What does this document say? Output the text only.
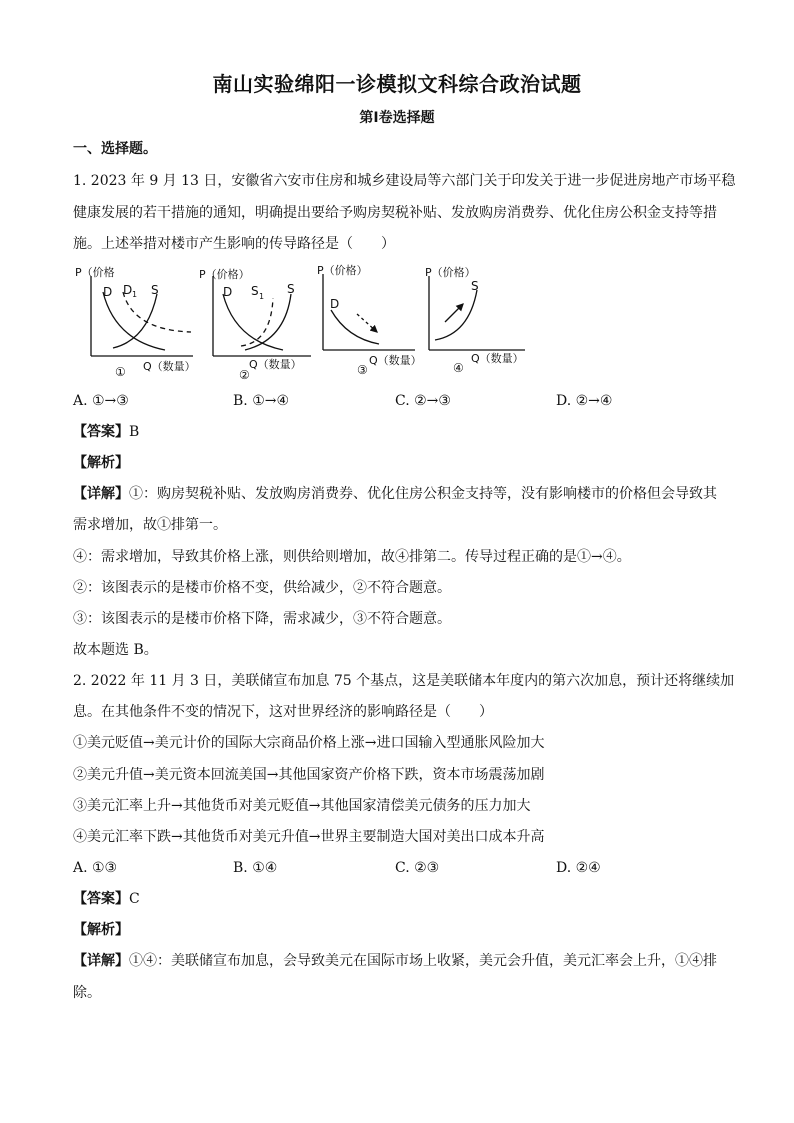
南山实验绵阳一诊模拟文科综合政治试题
第Ⅰ卷选择题
一、选择题。
1. 2023 年 9 月 13 日，安徽省六安市住房和城乡建设局等六部门关于印发关于进一步促进房地产市场平稳
健康发展的若干措施的通知，明确提出要给予购房契税补贴、发放购房消费券、优化住房公积金支持等措
施。上述举措对楼市产生影响的传导路径是（　　）
P（价格
Q（数量）
D D 1 S
①
P（价格）
Q（数量）
D S 1
S
②
P（价格）
Q（数量）
D
③
P（价格）
Q（数量）
S
④
A. ①→③	B. ①→④	C. ②→③	D. ②→④
【答案】B
【解析】
【详解】①：购房契税补贴、发放购房消费券、优化住房公积金支持等，没有影响楼市的价格但会导致其
需求增加，故①排第一。
④：需求增加，导致其价格上涨，则供给则增加，故④排第二。传导过程正确的是①→④。
②：该图表示的是楼市价格不变，供给减少，②不符合题意。
③：该图表示的是楼市价格下降，需求减少，③不符合题意。
故本题选 B。
2. 2022 年 11 月 3 日，美联储宣布加息 75 个基点，这是美联储本年度内的第六次加息，预计还将继续加
息。在其他条件不变的情况下，这对世界经济的影响路径是（　　）
①美元贬值→美元计价的国际大宗商品价格上涨→进口国输入型通胀风险加大
②美元升值→美元资本回流美国→其他国家资产价格下跌，资本市场震荡加剧
③美元汇率上升→其他货币对美元贬值→其他国家清偿美元债务的压力加大
④美元汇率下跌→其他货币对美元升值→世界主要制造大国对美出口成本升高
A. ①③	B. ①④	C. ②③	D. ②④
【答案】C
【解析】
【详解】①④：美联储宣布加息，会导致美元在国际市场上收紧，美元会升值，美元汇率会上升，①④排
除。
